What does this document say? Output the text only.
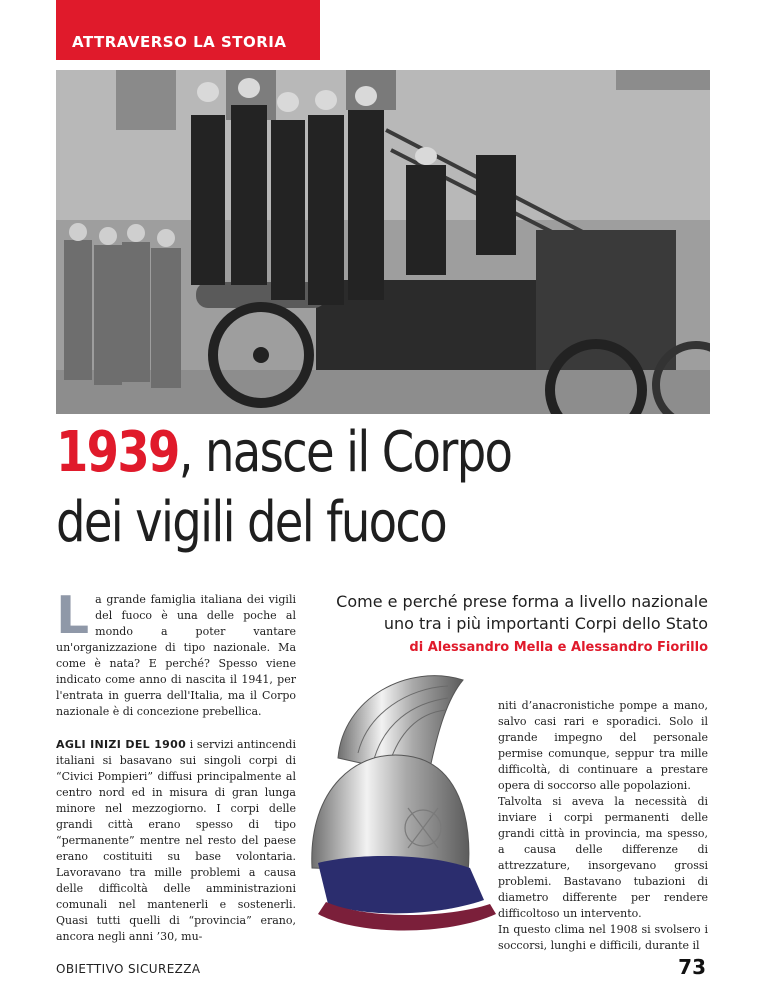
ATTRAVERSO LA STORIA
1939, nasce il Corpo
dei vigili del fuoco
L a grande famiglia italiana dei vigili del fuoco è una delle poche al mondo a poter vantare un'organizzazione di tipo nazionale. Ma come è nata? E perché? Spesso viene indicato come anno di nascita il 1941, per l'entrata in guerra dell'Italia, ma il Corpo nazionale è di concezione prebellica.
AGLI INIZI DEL 1900 i servizi antincendi italiani si basavano sui singoli corpi di “Civici Pompieri” diffusi principalmente al centro nord ed in misura di gran lunga minore nel mezzogiorno. I corpi delle grandi città erano spesso di tipo “permanente” mentre nel resto del paese erano costituiti su base volontaria. Lavoravano tra mille problemi a causa delle difficoltà delle amministrazioni comunali nel mantenerli e sostenerli. Quasi tutti quelli di “provincia” erano, ancora negli anni ’30, mu-
Come e perché prese forma a livello nazionale
uno tra i più importanti Corpi dello Stato
di Alessandro Mella e Alessandro Fiorillo

niti d’anacronistiche pompe a mano, salvo casi rari e sporadici. Solo il grande impegno del personale permise comunque, seppur tra mille difficoltà, di continuare a prestare opera di soccorso alle popolazioni.

Talvolta si aveva la necessità di inviare i corpi permanenti delle grandi città in provincia, ma spesso, a causa delle differenze di attrezzature, insorgevano grossi problemi. Bastavano tubazioni di diametro differente per rendere difficoltoso un intervento.

In questo clima nel 1908 si svolsero i soccorsi, lunghi e difficili, durante il

OBIETTIVO SICUREZZA	73
